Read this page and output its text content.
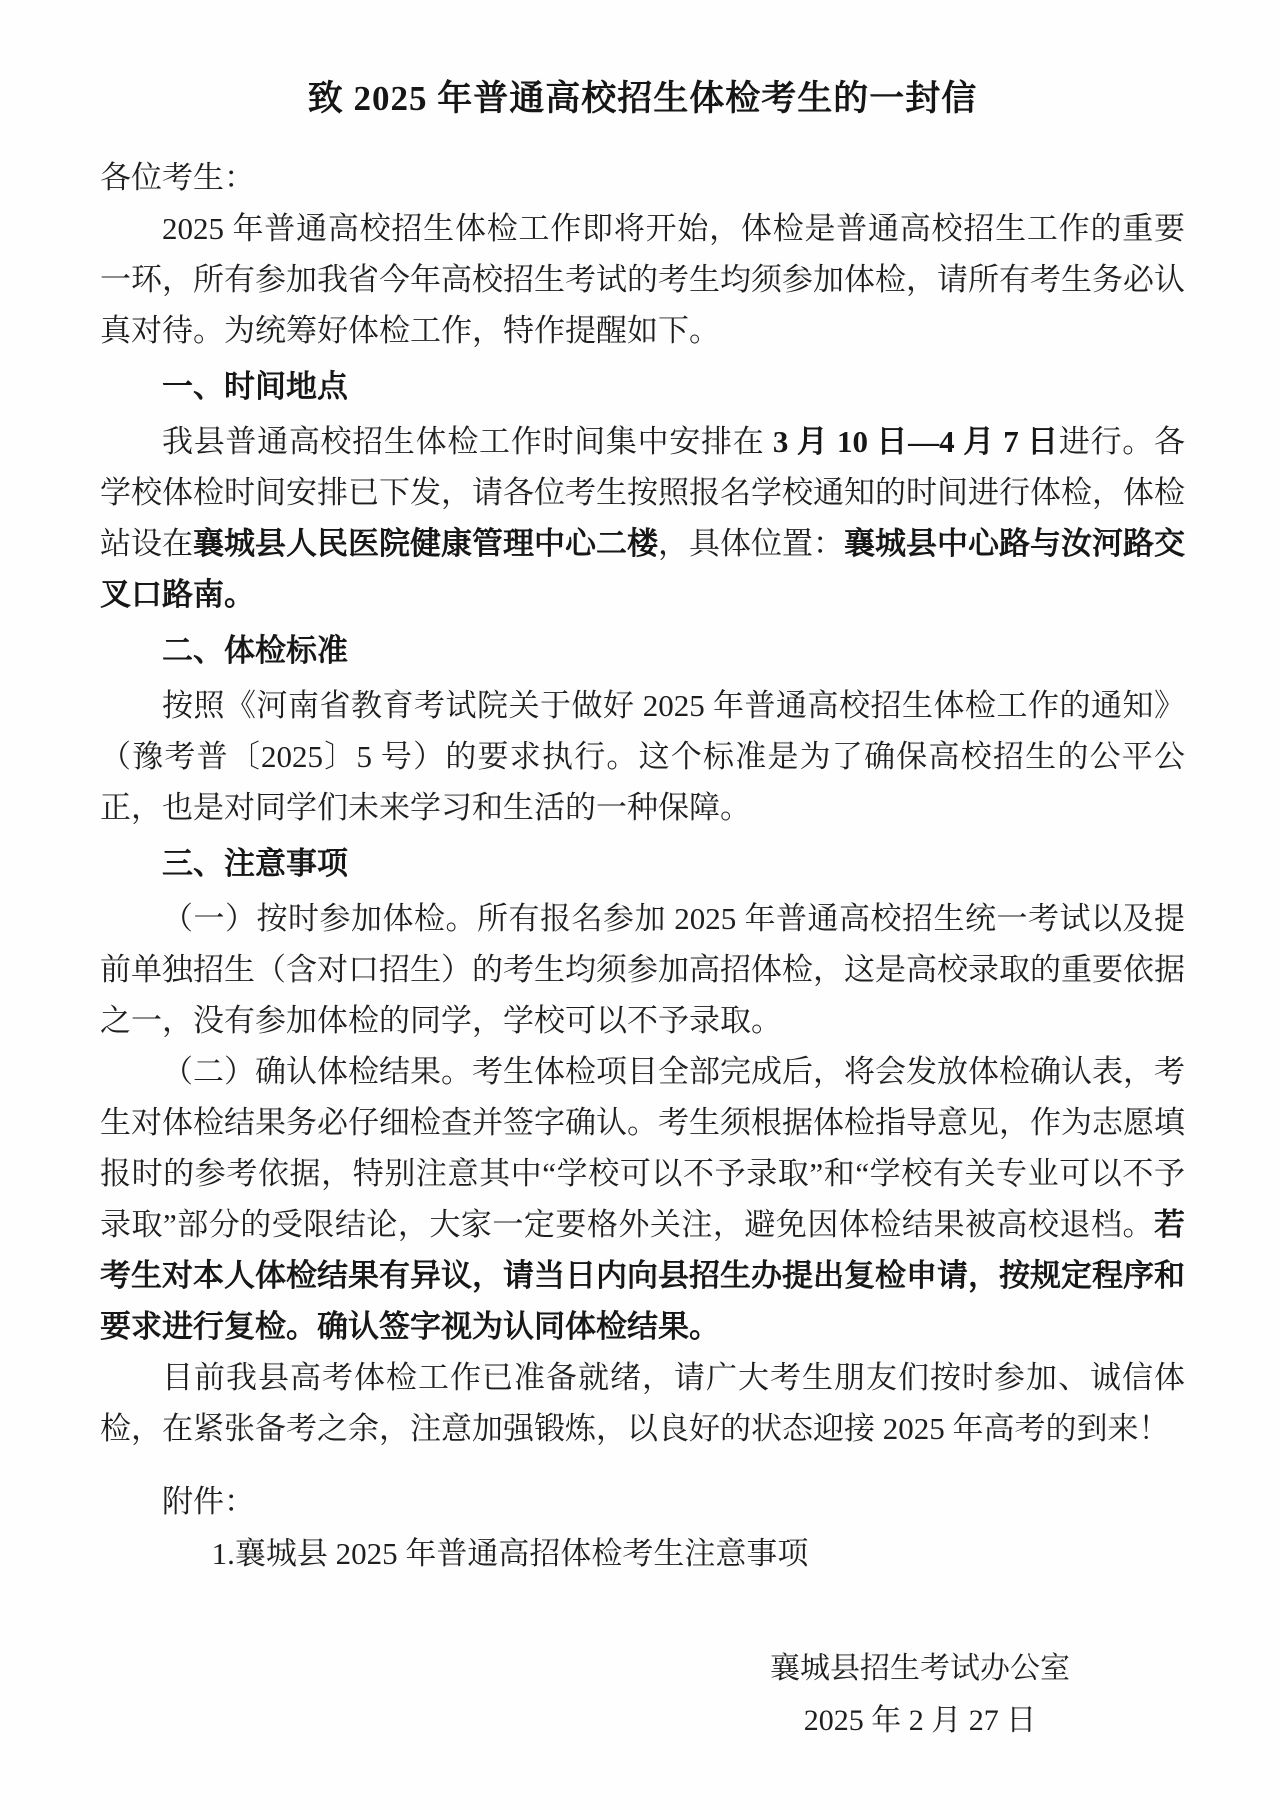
致 2025 年普通高校招生体检考生的一封信
各位考生：

2025 年普通高校招生体检工作即将开始，体检是普通高校招生工作的重要一环，所有参加我省今年高校招生考试的考生均须参加体检，请所有考生务必认真对待。为统筹好体检工作，特作提醒如下。

一、时间地点

我县普通高校招生体检工作时间集中安排在 3 月 10 日—4 月 7 日进行。各学校体检时间安排已下发，请各位考生按照报名学校通知的时间进行体检，体检站设在襄城县人民医院健康管理中心二楼，具体位置：襄城县中心路与汝河路交叉口路南。

二、体检标准

按照《河南省教育考试院关于做好 2025 年普通高校招生体检工作的通知》（豫考普〔2025〕5 号）的要求执行。这个标准是为了确保高校招生的公平公正，也是对同学们未来学习和生活的一种保障。

三、注意事项

（一）按时参加体检。所有报名参加 2025 年普通高校招生统一考试以及提前单独招生（含对口招生）的考生均须参加高招体检，这是高校录取的重要依据之一，没有参加体检的同学，学校可以不予录取。

（二）确认体检结果。考生体检项目全部完成后，将会发放体检确认表，考生对体检结果务必仔细检查并签字确认。考生须根据体检指导意见，作为志愿填报时的参考依据，特别注意其中“学校可以不予录取”和“学校有关专业可以不予录取”部分的受限结论，大家一定要格外关注，避免因体检结果被高校退档。若考生对本人体检结果有异议，请当日内向县招生办提出复检申请，按规定程序和要求进行复检。确认签字视为认同体检结果。

目前我县高考体检工作已准备就绪，请广大考生朋友们按时参加、诚信体检，在紧张备考之余，注意加强锻炼，以良好的状态迎接 2025 年高考的到来！

附件：
1.襄城县 2025 年普通高招体检考生注意事项
襄城县招生考试办公室
2025 年 2 月 27 日
